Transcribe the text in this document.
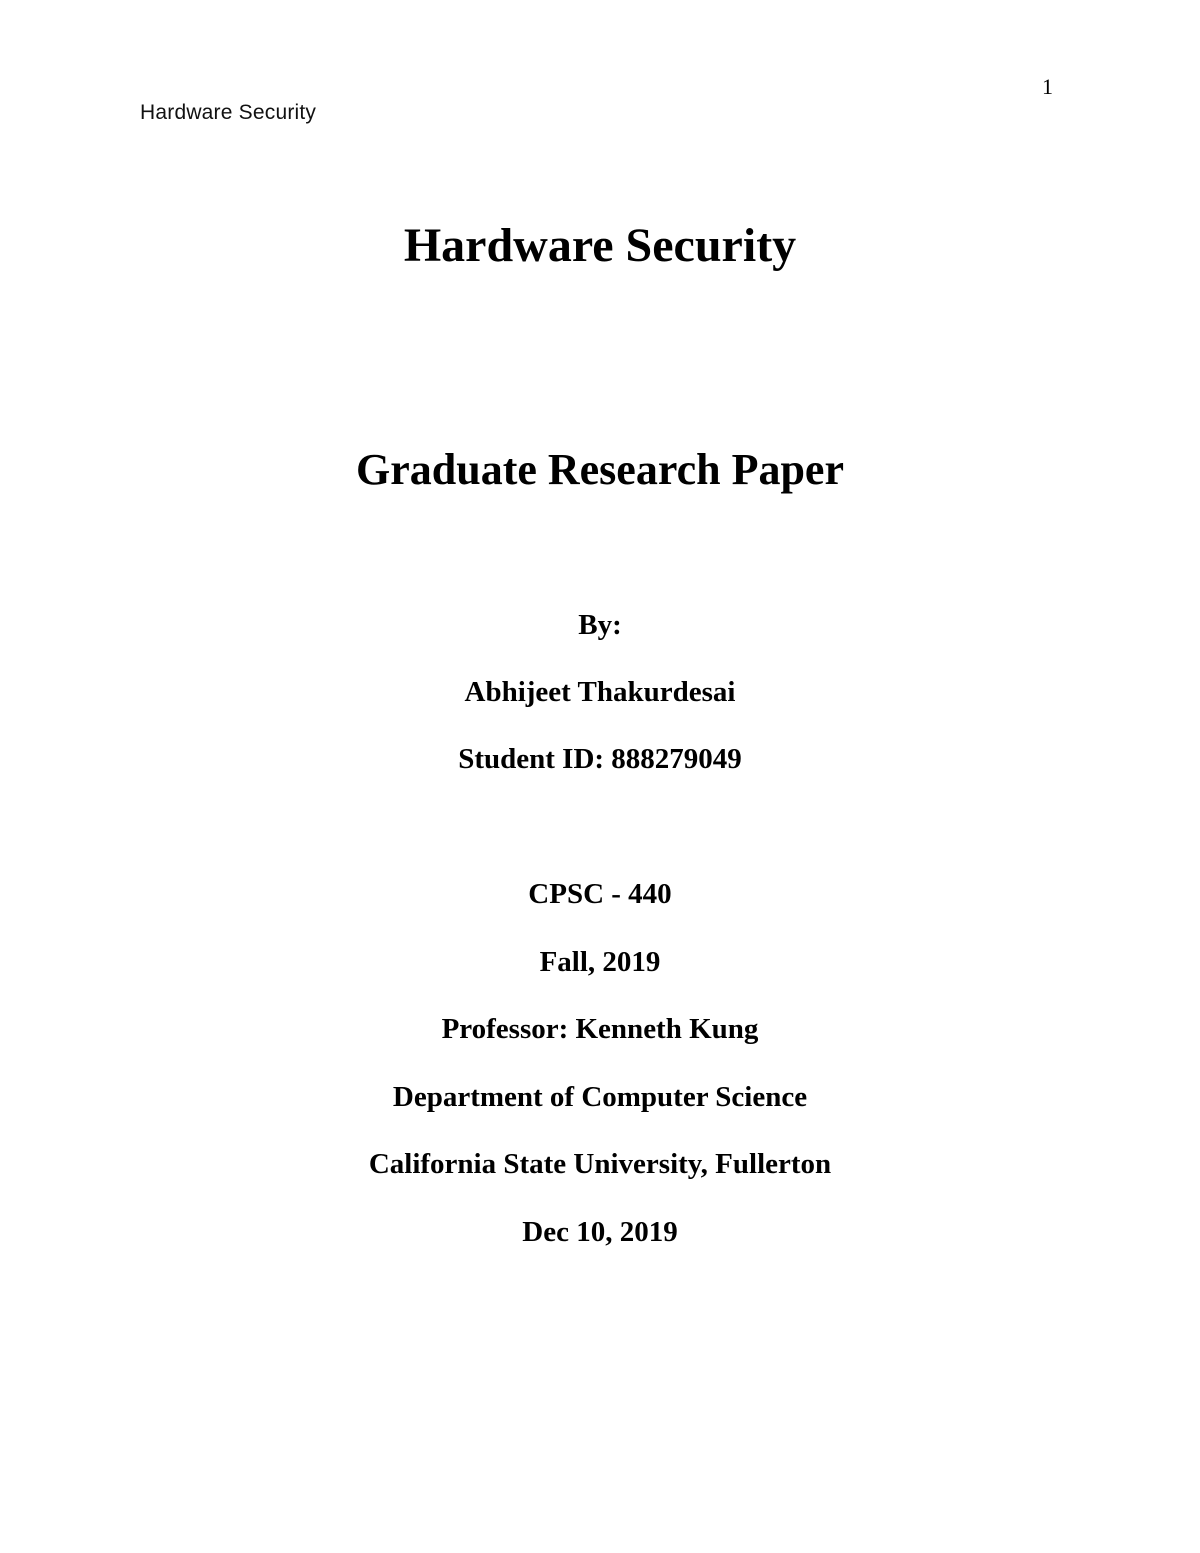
1
Hardware Security
Hardware Security
Graduate Research Paper
By:
Abhijeet Thakurdesai
Student ID: 888279049
CPSC - 440
Fall, 2019
Professor: Kenneth Kung
Department of Computer Science
California State University, Fullerton
Dec 10, 2019
